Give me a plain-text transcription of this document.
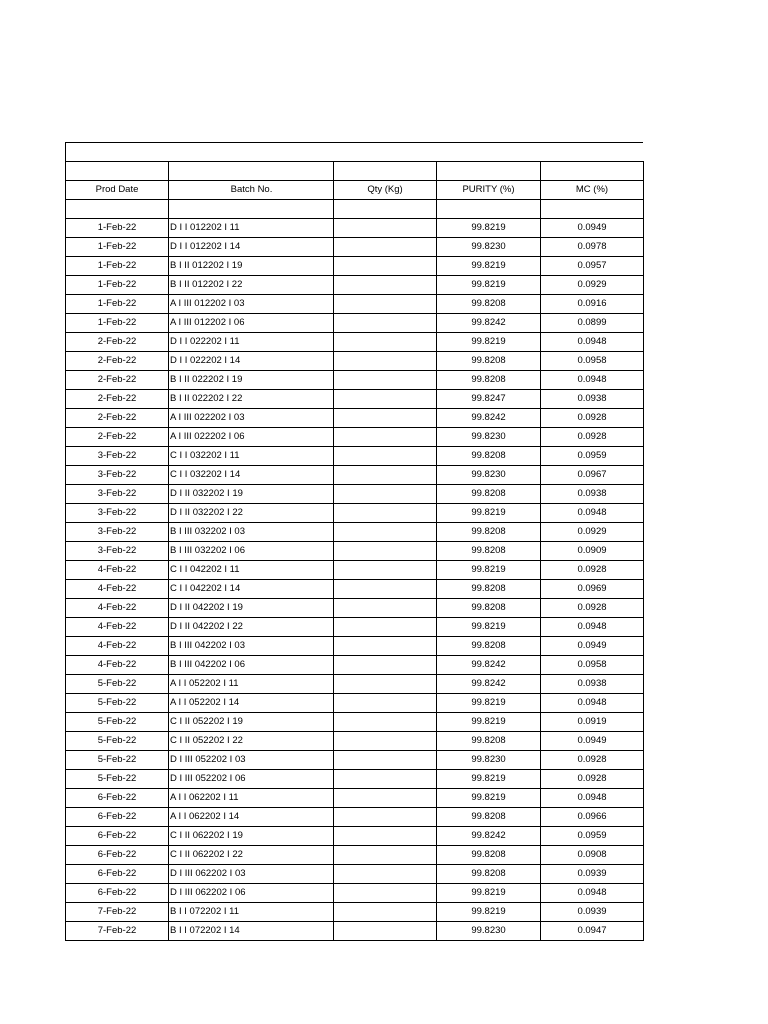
Prod Date	Batch No.	Qty (Kg)	PURITY (%)	MC (%)

1-Feb-22	D I I 012202 I 11		99.8219	0.0949
1-Feb-22	D I I 012202 I 14		99.8230	0.0978
1-Feb-22	B I II 012202 I 19		99.8219	0.0957
1-Feb-22	B I II 012202 I 22		99.8219	0.0929
1-Feb-22	A I III 012202 I 03		99.8208	0.0916
1-Feb-22	A I III 012202 I 06		99.8242	0.0899
2-Feb-22	D I I 022202 I 11		99.8219	0.0948
2-Feb-22	D I I 022202 I 14		99.8208	0.0958
2-Feb-22	B I II 022202 I 19		99.8208	0.0948
2-Feb-22	B I II 022202 I 22		99.8247	0.0938
2-Feb-22	A I III 022202 I 03		99.8242	0.0928
2-Feb-22	A I III 022202 I 06		99.8230	0.0928
3-Feb-22	C I I 032202 I 11		99.8208	0.0959
3-Feb-22	C I I 032202 I 14		99.8230	0.0967
3-Feb-22	D I II 032202 I 19		99.8208	0.0938
3-Feb-22	D I II 032202 I 22		99.8219	0.0948
3-Feb-22	B I III 032202 I 03		99.8208	0.0929
3-Feb-22	B I III 032202 I 06		99.8208	0.0909
4-Feb-22	C I I 042202 I 11		99.8219	0.0928
4-Feb-22	C I I 042202 I 14		99.8208	0.0969
4-Feb-22	D I II 042202 I 19		99.8208	0.0928
4-Feb-22	D I II 042202 I 22		99.8219	0.0948
4-Feb-22	B I III 042202 I 03		99.8208	0.0949
4-Feb-22	B I III 042202 I 06		99.8242	0.0958
5-Feb-22	A I I 052202 I 11		99.8242	0.0938
5-Feb-22	A I I 052202 I 14		99.8219	0.0948
5-Feb-22	C I II 052202 I 19		99.8219	0.0919
5-Feb-22	C I II 052202 I 22		99.8208	0.0949
5-Feb-22	D I III 052202 I 03		99.8230	0.0928
5-Feb-22	D I III 052202 I 06		99.8219	0.0928
6-Feb-22	A I I 062202 I 11		99.8219	0.0948
6-Feb-22	A I I 062202 I 14		99.8208	0.0966
6-Feb-22	C I II 062202 I 19		99.8242	0.0959
6-Feb-22	C I II 062202 I 22		99.8208	0.0908
6-Feb-22	D I III 062202 I 03		99.8208	0.0939
6-Feb-22	D I III 062202 I 06		99.8219	0.0948
7-Feb-22	B I I 072202 I 11		99.8219	0.0939
7-Feb-22	B I I 072202 I 14		99.8230	0.0947
